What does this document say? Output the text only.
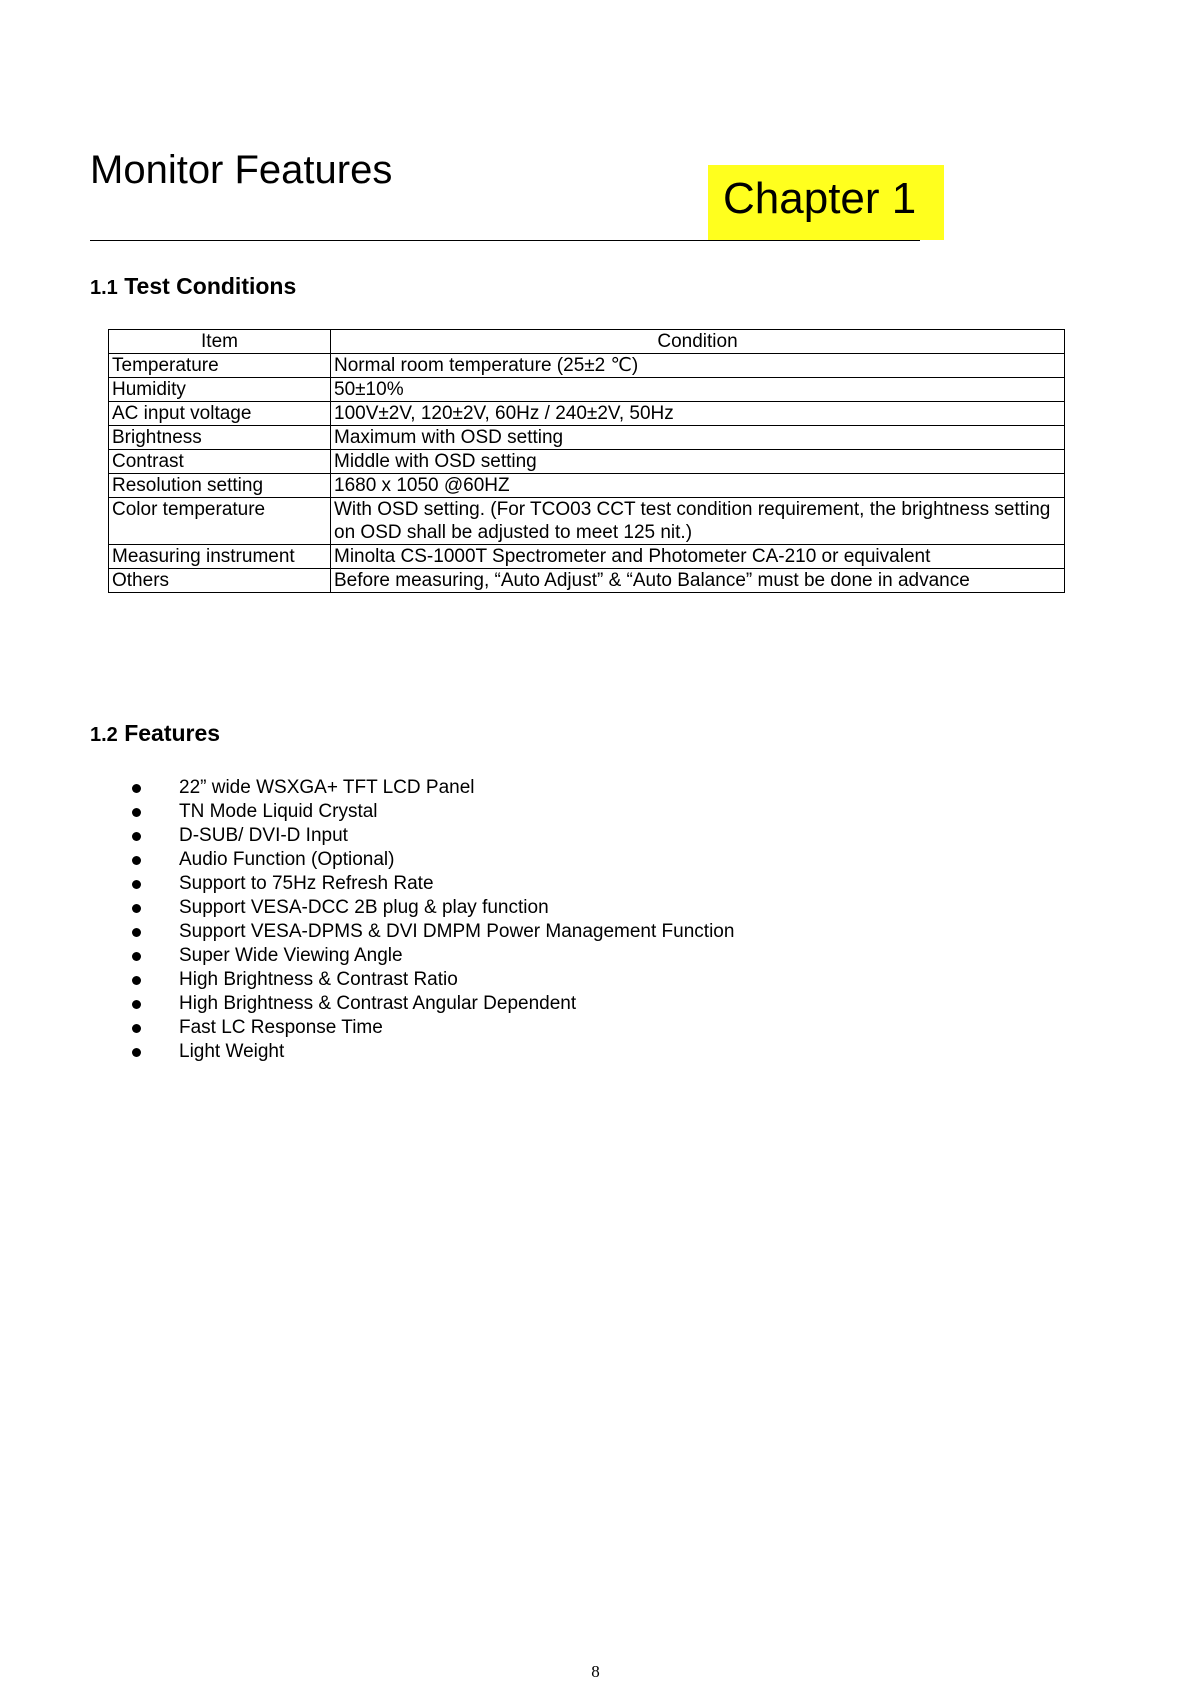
Monitor Features
Chapter 1
1.1 Test Conditions
Item	Condition
Temperature	Normal room temperature (25±2 ℃)
Humidity	50±10%
AC input voltage	100V±2V, 120±2V, 60Hz / 240±2V, 50Hz
Brightness	Maximum with OSD setting
Contrast	Middle with OSD setting
Resolution setting	1680 x 1050 @60HZ
Color temperature	With OSD setting. (For TCO03 CCT test condition requirement, the brightness setting on OSD shall be adjusted to meet 125 nit.)
Measuring instrument	Minolta CS-1000T Spectrometer and Photometer CA-210 or equivalent
Others	Before measuring, “Auto Adjust” & “Auto Balance” must be done in advance
1.2 Features
22” wide WSXGA+ TFT LCD Panel
TN Mode Liquid Crystal
D-SUB/ DVI-D Input
Audio Function (Optional)
Support to 75Hz Refresh Rate
Support VESA-DCC 2B plug & play function
Support VESA-DPMS & DVI DMPM Power Management Function
Super Wide Viewing Angle
High Brightness & Contrast Ratio
High Brightness & Contrast Angular Dependent
Fast LC Response Time
Light Weight
8
